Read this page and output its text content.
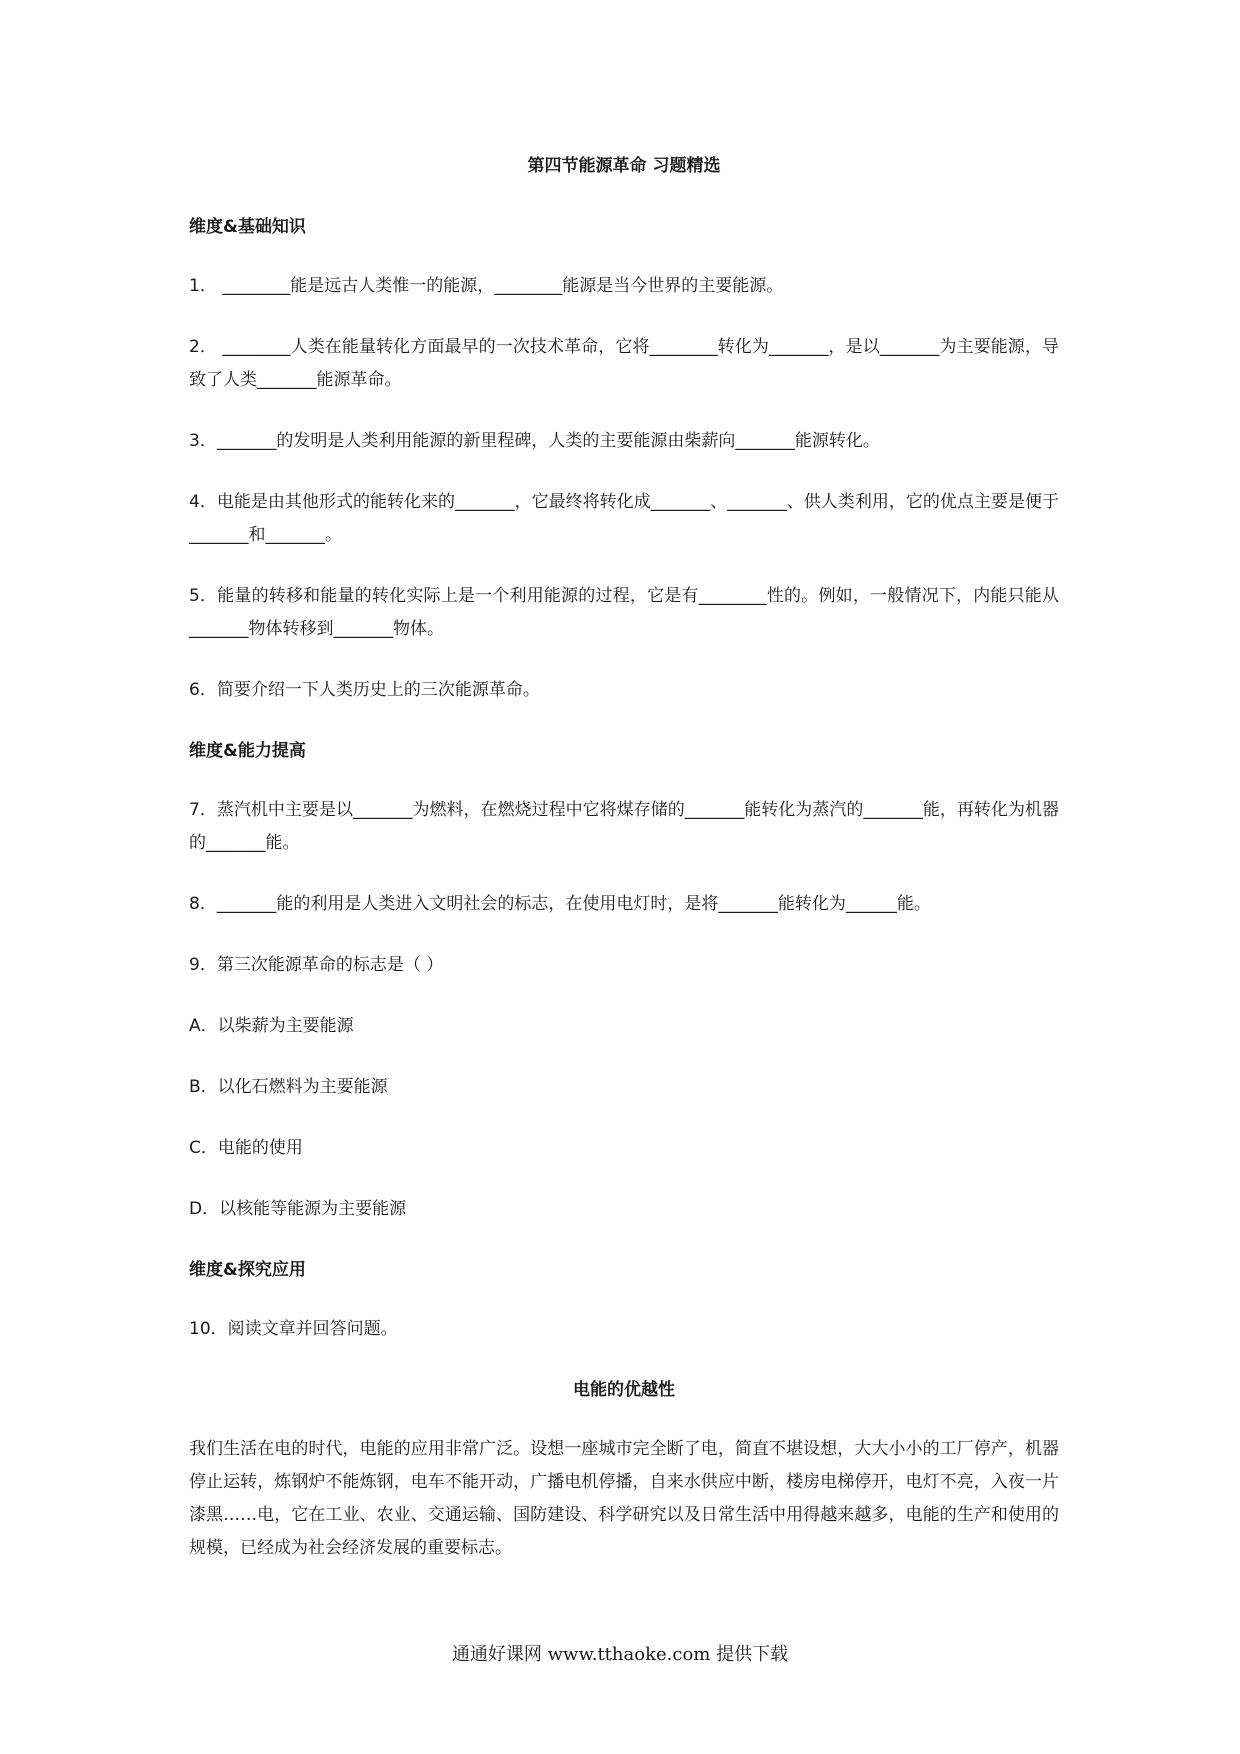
第四节能源革命 习题精选
维度&基础知识
1． ________能是远古人类惟一的能源，________能源是当今世界的主要能源。
2． ________人类在能量转化方面最早的一次技术革命，它将________转化为_______，是以_______为主要能源，导致了人类_______能源革命。
3．_______的发明是人类利用能源的新里程碑，人类的主要能源由柴薪向_______能源转化。
4．电能是由其他形式的能转化来的_______，它最终将转化成_______、_______、供人类利用，它的优点主要是便于_______和_______。
5．能量的转移和能量的转化实际上是一个利用能源的过程，它是有________性的。例如，一般情况下，内能只能从_______物体转移到_______物体。
6．简要介绍一下人类历史上的三次能源革命。
维度&能力提高
7．蒸汽机中主要是以_______为燃料，在燃烧过程中它将煤存储的_______能转化为蒸汽的_______能，再转化为机器的_______能。
8．_______能的利用是人类进入文明社会的标志，在使用电灯时，是将_______能转化为______能。
9．第三次能源革命的标志是（ ）
A．以柴薪为主要能源
B．以化石燃料为主要能源
C．电能的使用
D．以核能等能源为主要能源
维度&探究应用
10．阅读文章并回答问题。
电能的优越性

我们生活在电的时代，电能的应用非常广泛。设想一座城市完全断了电，简直不堪设想，大大小小的工厂停产，机器停止运转，炼钢炉不能炼钢，电车不能开动，广播电机停播，自来水供应中断，楼房电梯停开，电灯不亮，入夜一片漆黑……电，它在工业、农业、交通运输、国防建设、科学研究以及日常生活中用得越来越多，电能的生产和使用的规模，已经成为社会经济发展的重要标志。

通通好课网 www.tthaoke.com 提供下载
